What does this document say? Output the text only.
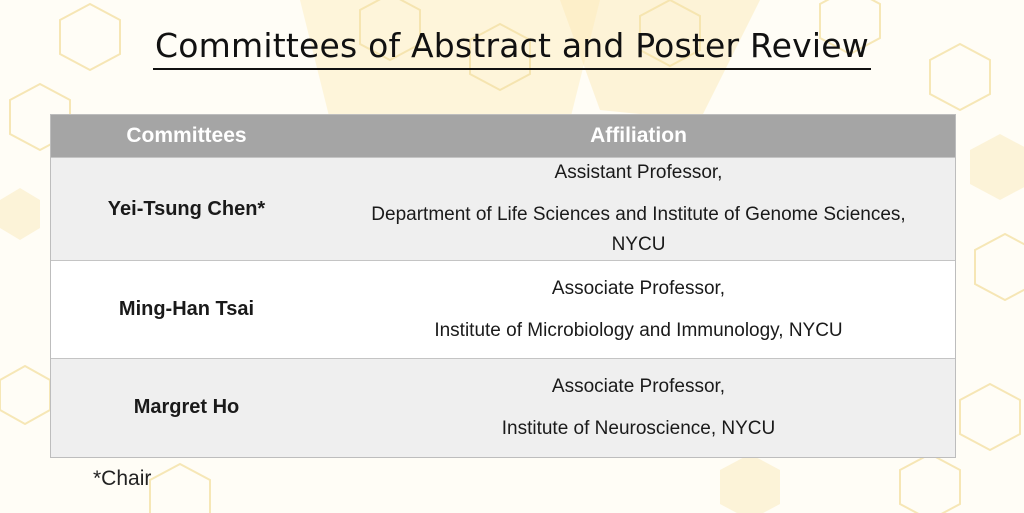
Committees of Abstract and Poster Review
Committees	Affiliation
Yei-Tsung Chen*	Assistant Professor,
Department of Life Sciences and Institute of Genome Sciences, NYCU

Ming-Han Tsai	Associate Professor,
Institute of Microbiology and Immunology, NYCU

Margret Ho	Associate Professor,
Institute of Neuroscience, NYCU
*Chair
